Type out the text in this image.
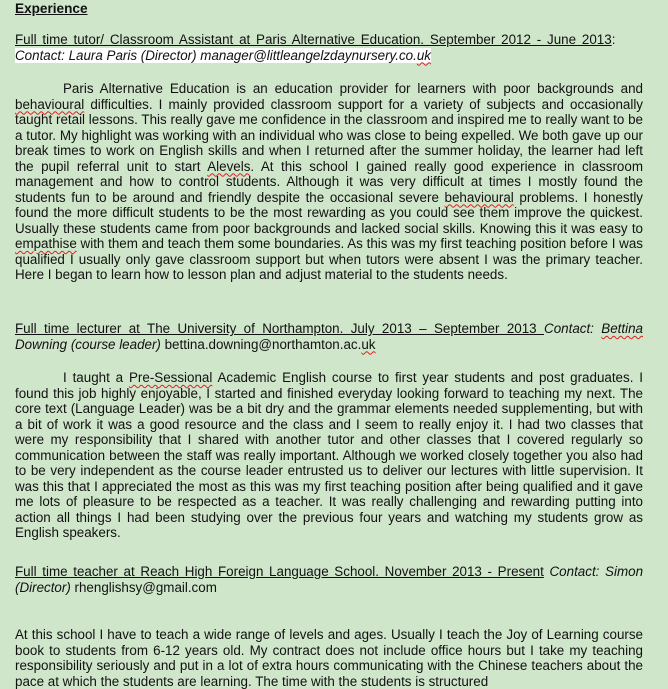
Experience
Full time tutor/ Classroom Assistant at Paris Alternative Education. September 2012 - June 2013:
Contact: Laura Paris (Director) manager@littleangelzdaynursery.co.uk

Paris Alternative Education is an education provider for learners with poor backgrounds and behavioural difficulties. I mainly provided classroom support for a variety of subjects and occasionally taught retail lessons. This really gave me confidence in the classroom and inspired me to really want to be a tutor. My highlight was working with an individual who was close to being expelled. We both gave up our break times to work on English skills and when I returned after the summer holiday, the learner had left the pupil referral unit to start Alevels. At this school I gained really good experience in classroom management and how to control students. Although it was very difficult at times I mostly found the students fun to be around and friendly despite the occasional severe behavioural problems. I honestly found the more difficult students to be the most rewarding as you could see them improve the quickest. Usually these students came from poor backgrounds and lacked social skills. Knowing this it was easy to empathise with them and teach them some boundaries. As this was my first teaching position before I was qualified I usually only gave classroom support but when tutors were absent I was the primary teacher. Here I began to learn how to lesson plan and adjust material to the students needs.

Full time lecturer at The University of Northampton. July 2013 – September 2013 Contact: Bettina Downing (course leader) bettina.downing@northamton.ac.uk

I taught a Pre-Sessional Academic English course to first year students and post graduates. I found this job highly enjoyable, I started and finished everyday looking forward to teaching my next. The core text (Language Leader) was be a bit dry and the grammar elements needed supplementing, but with a bit of work it was a good resource and the class and I seem to really enjoy it. I had two classes that were my responsibility that I shared with another tutor and other classes that I covered regularly so communication between the staff was really important. Although we worked closely together you also had to be very independent as the course leader entrusted us to deliver our lectures with little supervision. It was this that I appreciated the most as this was my first teaching position after being qualified and it gave me lots of pleasure to be respected as a teacher. It was really challenging and rewarding putting into action all things I had been studying over the previous four years and watching my students grow as English speakers.

Full time teacher at Reach High Foreign Language School. November 2013 - Present Contact: Simon (Director) rhenglishsy@gmail.com

At this school I have to teach a wide range of levels and ages. Usually I teach the Joy of Learning course book to students from 6-12 years old. My contract does not include office hours but I take my teaching responsibility seriously and put in a lot of extra hours communicating with the Chinese teachers about the pace at which the students are learning. The time with the students is structured
